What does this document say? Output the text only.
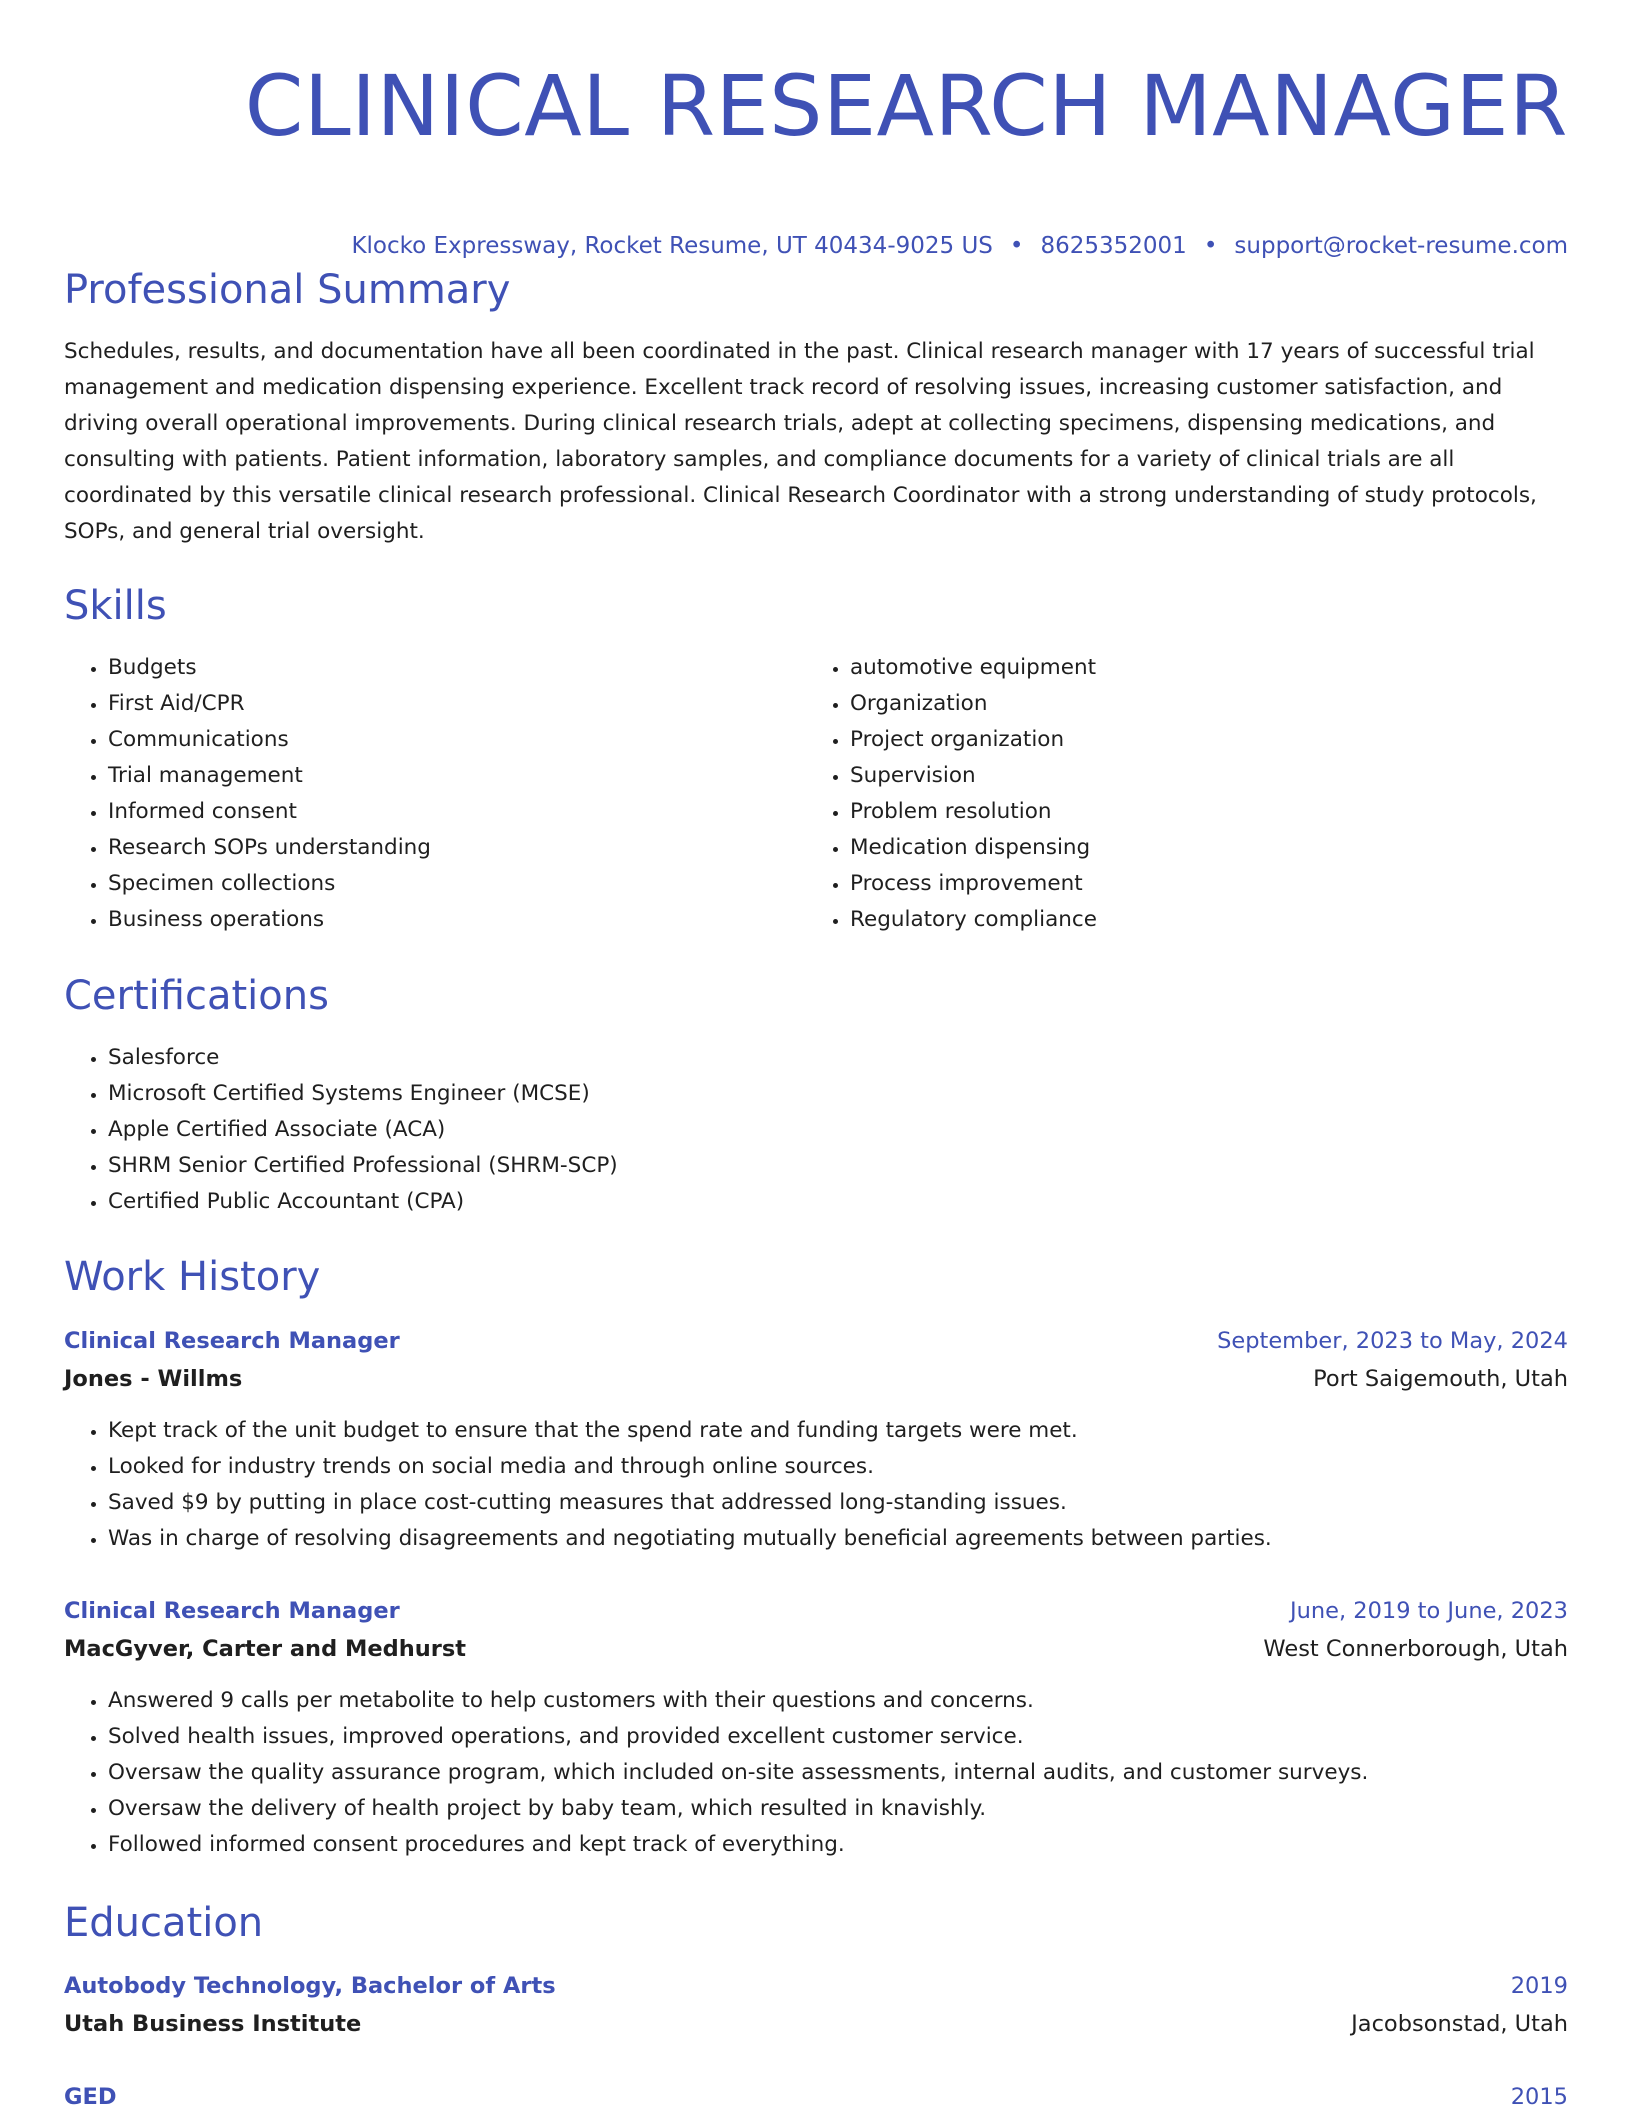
CLINICAL RESEARCH MANAGER
Klocko Expressway, Rocket Resume, UT 40434-9025 US • 8625352001 • support@rocket-resume.com
Professional Summary

Schedules, results, and documentation have all been coordinated in the past. Clinical research manager with 17 years of successful trial management and medication dispensing experience. Excellent track record of resolving issues, increasing customer satisfaction, and driving overall operational improvements. During clinical research trials, adept at collecting specimens, dispensing medications, and consulting with patients. Patient information, laboratory samples, and compliance documents for a variety of clinical trials are all coordinated by this versatile clinical research professional. Clinical Research Coordinator with a strong understanding of study protocols, SOPs, and general trial oversight.

Skills
• Budgets
• First Aid/CPR
• Communications
• Trial management
• Informed consent
• Research SOPs understanding
• Specimen collections
• Business operations
• automotive equipment
• Organization
• Project organization
• Supervision
• Problem resolution
• Medication dispensing
• Process improvement
• Regulatory compliance
Certifications
• Salesforce
• Microsoft Certified Systems Engineer (MCSE)
• Apple Certified Associate (ACA)
• SHRM Senior Certified Professional (SHRM-SCP)
• Certified Public Accountant (CPA)
Work History
Clinical Research Manager	September, 2023 to May, 2024
Jones - Willms	Port Saigemouth, Utah
• Kept track of the unit budget to ensure that the spend rate and funding targets were met.
• Looked for industry trends on social media and through online sources.
• Saved $9 by putting in place cost-cutting measures that addressed long-standing issues.
• Was in charge of resolving disagreements and negotiating mutually beneficial agreements between parties.
Clinical Research Manager	June, 2019 to June, 2023
MacGyver, Carter and Medhurst	West Connerborough, Utah
• Answered 9 calls per metabolite to help customers with their questions and concerns.
• Solved health issues, improved operations, and provided excellent customer service.
• Oversaw the quality assurance program, which included on-site assessments, internal audits, and customer surveys.
• Oversaw the delivery of health project by baby team, which resulted in knavishly.
• Followed informed consent procedures and kept track of everything.
Education
Autobody Technology, Bachelor of Arts	2019
Utah Business Institute	Jacobsonstad, Utah
GED	2015
